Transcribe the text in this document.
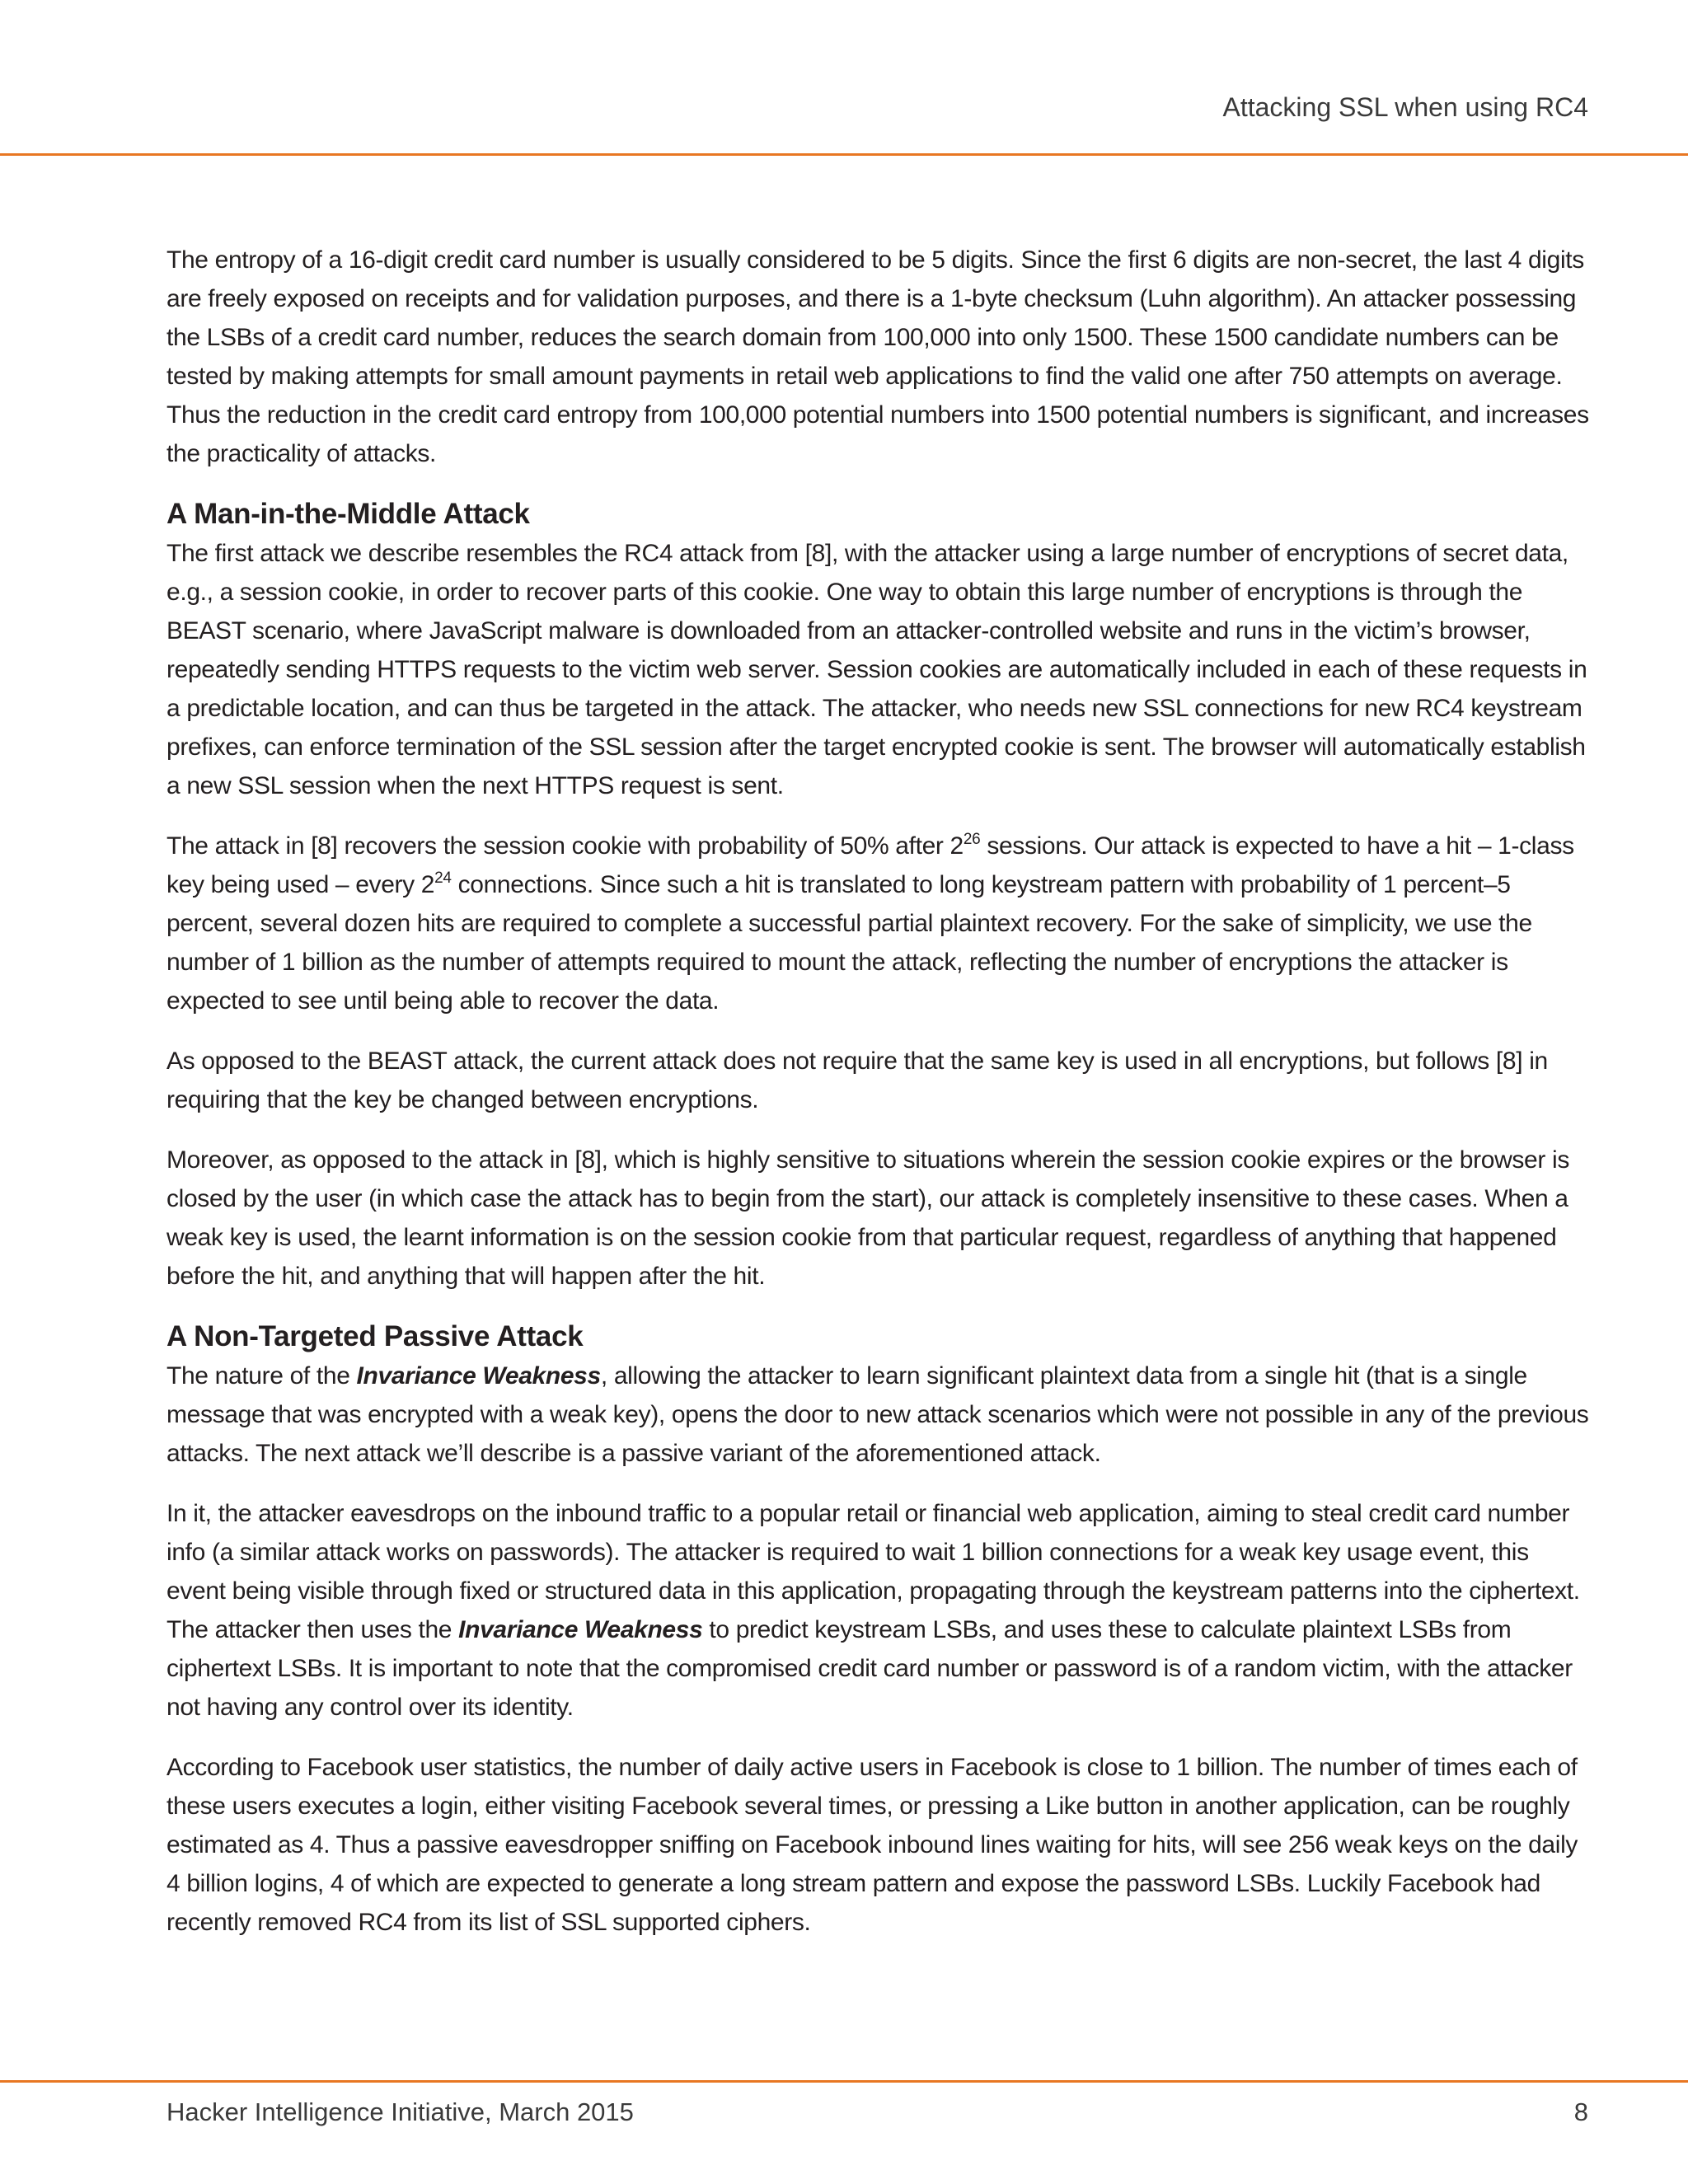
Attacking SSL when using RC4

The entropy of a 16-digit credit card number is usually considered to be 5 digits. Since the first 6 digits are non-secret, the last 4 digits are freely exposed on receipts and for validation purposes, and there is a 1-byte checksum (Luhn algorithm). An attacker possessing the LSBs of a credit card number, reduces the search domain from 100,000 into only 1500. These 1500 candidate numbers can be tested by making attempts for small amount payments in retail web applications to find the valid one after 750 attempts on average. Thus the reduction in the credit card entropy from 100,000 potential numbers into 1500 potential numbers is significant, and increases the practicality of attacks.

A Man-in-the-Middle Attack

The first attack we describe resembles the RC4 attack from [8], with the attacker using a large number of encryptions of secret data, e.g., a session cookie, in order to recover parts of this cookie. One way to obtain this large number of encryptions is through the BEAST scenario, where JavaScript malware is downloaded from an attacker-controlled website and runs in the victim’s browser, repeatedly sending HTTPS requests to the victim web server. Session cookies are automatically included in each of these requests in a predictable location, and can thus be targeted in the attack. The attacker, who needs new SSL connections for new RC4 keystream prefixes, can enforce termination of the SSL session after the target encrypted cookie is sent. The browser will automatically establish a new SSL session when the next HTTPS request is sent.

The attack in [8] recovers the session cookie with probability of 50% after $2^{26}$ sessions. Our attack is expected to have a hit – 1-class key being used – every $2^{24}$ connections. Since such a hit is translated to long keystream pattern with probability of 1 percent–5 percent, several dozen hits are required to complete a successful partial plaintext recovery. For the sake of simplicity, we use the number of 1 billion as the number of attempts required to mount the attack, reflecting the number of encryptions the attacker is expected to see until being able to recover the data.

As opposed to the BEAST attack, the current attack does not require that the same key is used in all encryptions, but follows [8] in requiring that the key be changed between encryptions.

Moreover, as opposed to the attack in [8], which is highly sensitive to situations wherein the session cookie expires or the browser is closed by the user (in which case the attack has to begin from the start), our attack is completely insensitive to these cases. When a weak key is used, the learnt information is on the session cookie from that particular request, regardless of anything that happened before the hit, and anything that will happen after the hit.

A Non-Targeted Passive Attack

The nature of the Invariance Weakness, allowing the attacker to learn significant plaintext data from a single hit (that is a single message that was encrypted with a weak key), opens the door to new attack scenarios which were not possible in any of the previous attacks. The next attack we’ll describe is a passive variant of the aforementioned attack.

In it, the attacker eavesdrops on the inbound traffic to a popular retail or financial web application, aiming to steal credit card number info (a similar attack works on passwords). The attacker is required to wait 1 billion connections for a weak key usage event, this event being visible through fixed or structured data in this application, propagating through the keystream patterns into the ciphertext. The attacker then uses the Invariance Weakness to predict keystream LSBs, and uses these to calculate plaintext LSBs from ciphertext LSBs. It is important to note that the compromised credit card number or password is of a random victim, with the attacker not having any control over its identity.

According to Facebook user statistics, the number of daily active users in Facebook is close to 1 billion. The number of times each of these users executes a login, either visiting Facebook several times, or pressing a Like button in another application, can be roughly estimated as 4. Thus a passive eavesdropper sniffing on Facebook inbound lines waiting for hits, will see 256 weak keys on the daily 4 billion logins, 4 of which are expected to generate a long stream pattern and expose the password LSBs. Luckily Facebook had recently removed RC4 from its list of SSL supported ciphers.

Hacker Intelligence Initiative, March 2015	8
